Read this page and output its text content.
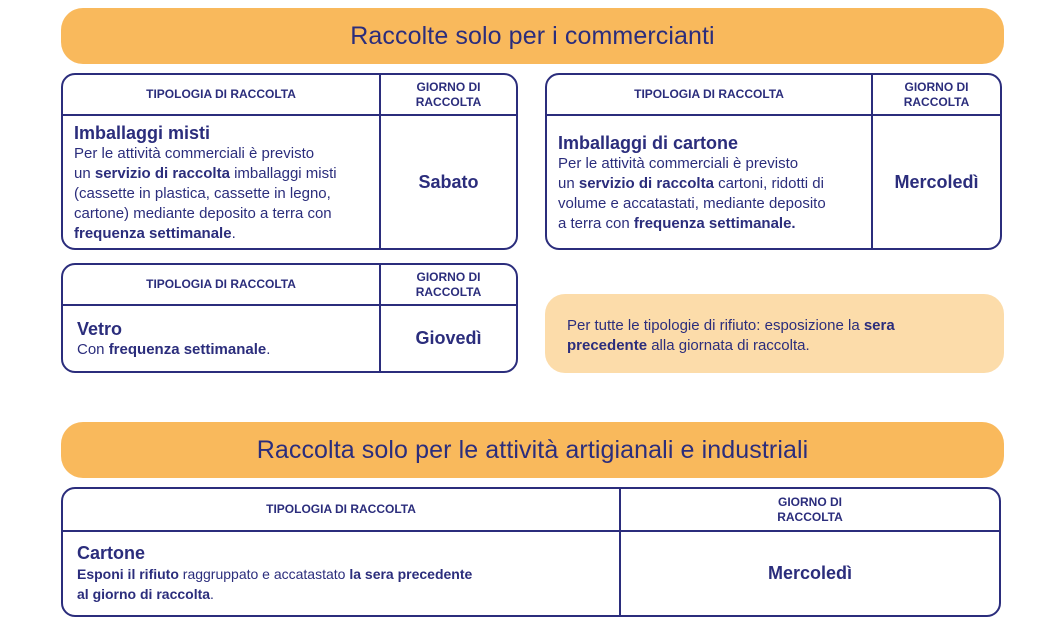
Raccolte solo per i commercianti
TIPOLOGIA DI RACCOLTA
GIORNO DI
RACCOLTA
Imballaggi misti
Per le attività commerciali è previsto
un servizio di raccolta imballaggi misti
(cassette in plastica, cassette in legno,
cartone) mediante deposito a terra con
frequenza settimanale.
Sabato
TIPOLOGIA DI RACCOLTA
GIORNO DI
RACCOLTA
Imballaggi di cartone
Per le attività commerciali è previsto
un servizio di raccolta cartoni, ridotti di
volume e accatastati, mediante deposito
a terra con frequenza settimanale.
Mercoledì
TIPOLOGIA DI RACCOLTA
GIORNO DI
RACCOLTA
Vetro
Con frequenza settimanale.
Giovedì
Per tutte le tipologie di rifiuto: esposizione la sera
precedente alla giornata di raccolta.
Raccolta solo per le attività artigianali e industriali
TIPOLOGIA DI RACCOLTA
GIORNO DI
RACCOLTA
Cartone
Esponi il rifiuto raggruppato e accatastato la sera precedente
al giorno di raccolta.
Mercoledì
